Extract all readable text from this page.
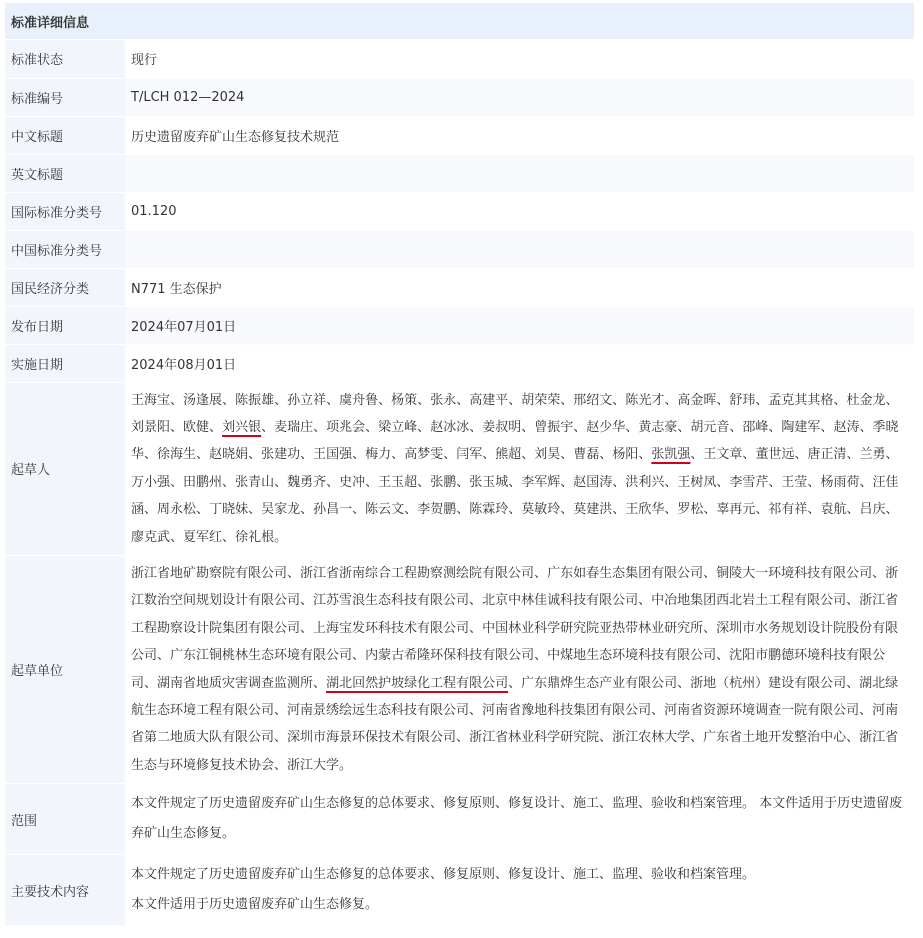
标准详细信息
标准状态	现行
标准编号	T/LCH 012—2024
中文标题	历史遗留废弃矿山生态修复技术规范
英文标题	
国际标准分类号	01.120
中国标准分类号	
国民经济分类	N771 生态保护
发布日期	2024年07月01日
实施日期	2024年08月01日
起草人	王海宝、汤逢展、陈振雄、孙立祥、虞舟鲁、杨策、张永、高建平、胡荣荣、邢绍文、陈光才、高金晖、舒玮、孟克其其格、杜金龙、刘景阳、欧健、刘兴银、麦瑞庄、项兆会、梁立峰、赵冰冰、姜叔明、曾振宇、赵少华、黄志豪、胡元音、邵峰、陶建军、赵涛、季晓华、徐海生、赵晓娟、张建功、王国强、梅力、高梦雯、闫军、熊超、刘昊、曹磊、杨阳、张凯强、王文章、董世远、唐正清、兰勇、万小强、田鹏州、张青山、魏勇齐、史冲、王玉超、张鹏、张玉城、李军辉、赵国涛、洪利兴、王树凤、李雪芹、王莹、杨雨荷、汪佳涵、周永松、丁晓妹、吴家龙、孙昌一、陈云文、李贺鹏、陈霖玲、莫敏玲、莫建洪、王欣华、罗松、辜再元、祁有祥、袁航、吕庆、廖克武、夏军红、徐礼根。
起草单位	浙江省地矿勘察院有限公司、浙江省浙南综合工程勘察测绘院有限公司、广东如春生态集团有限公司、铜陵大一环境科技有限公司、浙江数治空间规划设计有限公司、江苏雪浪生态科技有限公司、北京中林佳诚科技有限公司、中冶地集团西北岩土工程有限公司、浙江省工程勘察设计院集团有限公司、上海宝发环科技术有限公司、中国林业科学研究院亚热带林业研究所、深圳市水务规划设计院股份有限公司、广东江铜桃林生态环境有限公司、内蒙古希隆环保科技有限公司、中煤地生态环境科技有限公司、沈阳市鹏德环境科技有限公司、湖南省地质灾害调查监测所、湖北回然护坡绿化工程有限公司、广东鼎烨生态产业有限公司、浙地（杭州）建设有限公司、湖北绿航生态环境工程有限公司、河南景绣绘远生态科技有限公司、河南省豫地科技集团有限公司、河南省资源环境调查一院有限公司、河南省第二地质大队有限公司、深圳市海景环保技术有限公司、浙江省林业科学研究院、浙江农林大学、广东省土地开发整治中心、浙江省生态与环境修复技术协会、浙江大学。
范围	本文件规定了历史遗留废弃矿山生态修复的总体要求、修复原则、修复设计、施工、监理、验收和档案管理。 本文件适用于历史遗留废弃矿山生态修复。
主要技术内容	本文件规定了历史遗留废弃矿山生态修复的总体要求、修复原则、修复设计、施工、监理、验收和档案管理。
本文件适用于历史遗留废弃矿山生态修复。
